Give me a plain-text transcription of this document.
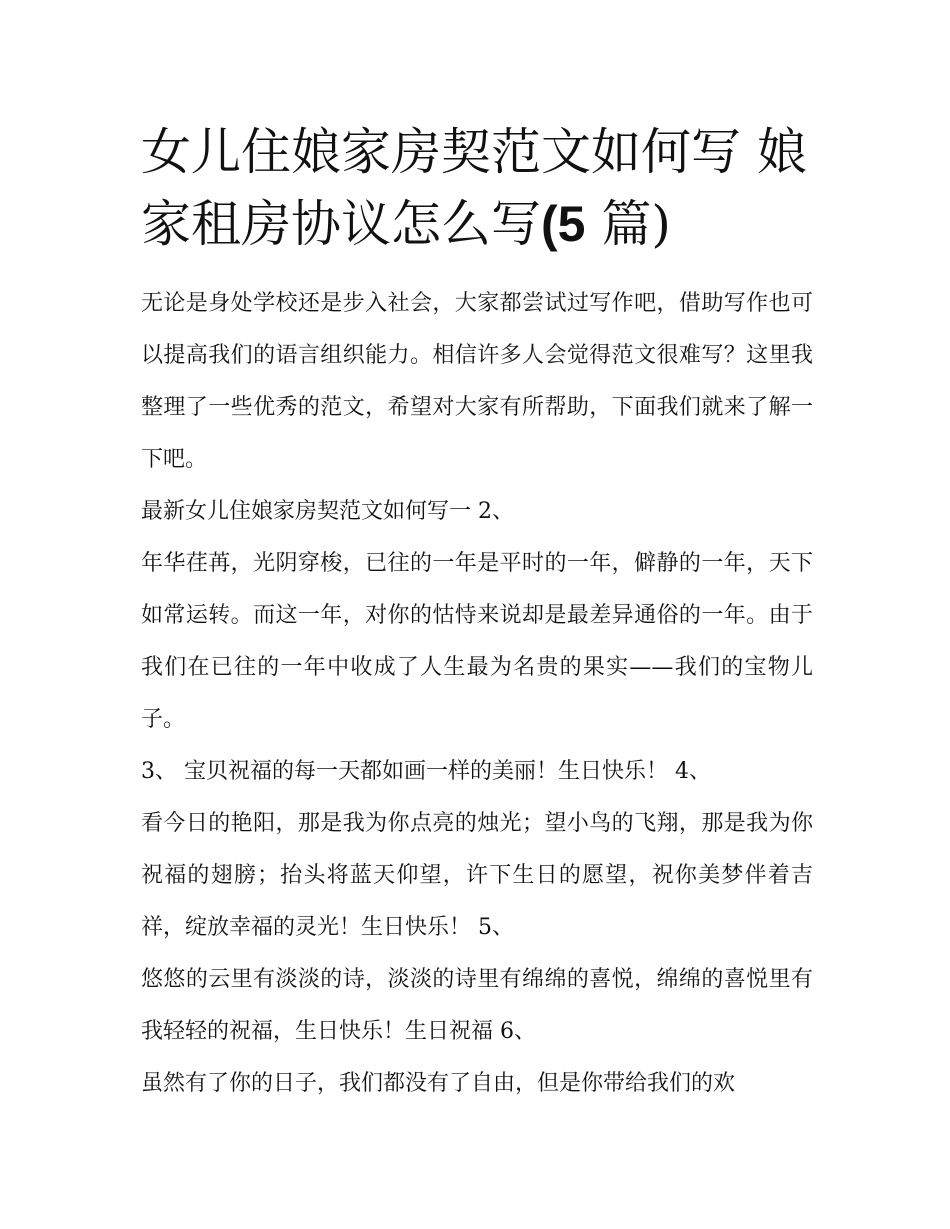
女儿住娘家房契范文如何写 娘
家租房协议怎么写(5 篇)

无论是身处学校还是步入社会，大家都尝试过写作吧，借助写作也可以提高我们的语言组织能力。相信许多人会觉得范文很难写？这里我整理了一些优秀的范文，希望对大家有所帮助，下面我们就来了解一下吧。

最新女儿住娘家房契范文如何写一 2、

年华荏苒，光阴穿梭，已往的一年是平时的一年，僻静的一年，天下如常运转。而这一年，对你的怙恃来说却是最差异通俗的一年。由于我们在已往的一年中收成了人生最为名贵的果实——我们的宝物儿子。

3、 宝贝祝福的每一天都如画一样的美丽！生日快乐！ 4、

看今日的艳阳，那是我为你点亮的烛光；望小鸟的飞翔，那是我为你祝福的翅膀；抬头将蓝天仰望，许下生日的愿望，祝你美梦伴着吉祥，绽放幸福的灵光！生日快乐！ 5、

悠悠的云里有淡淡的诗，淡淡的诗里有绵绵的喜悦，绵绵的喜悦里有我轻轻的祝福，生日快乐！生日祝福 6、

虽然有了你的日子，我们都没有了自由，但是你带给我们的欢
